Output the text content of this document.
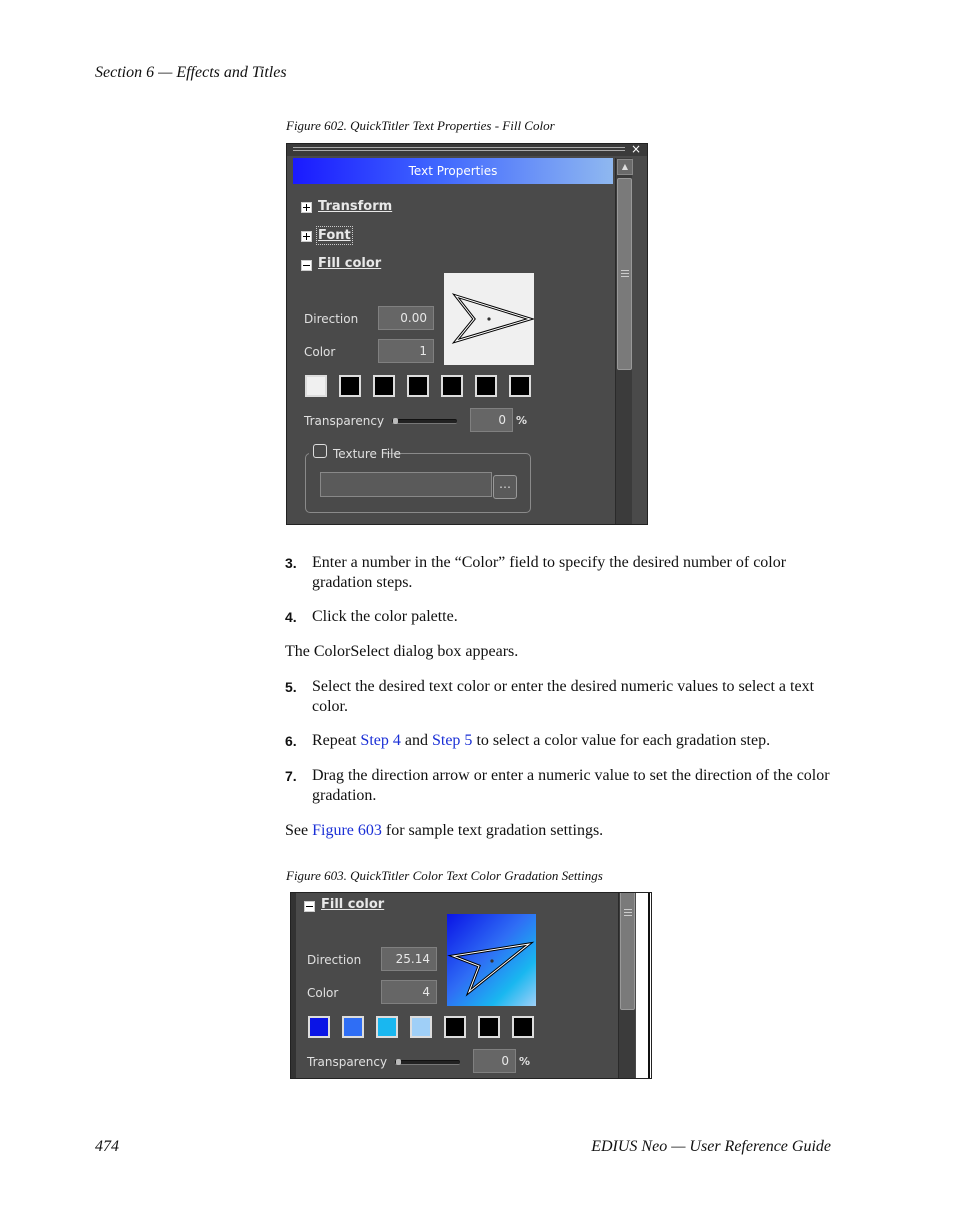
Section 6 — Effects and Titles
Figure 602. QuickTitler Text Properties - Fill Color
×
Text Properties	▲
Transform
Font
Fill color
Direction	0.00
Color	1
Transparency	0 %
Texture File
…
3. Enter a number in the “Color” field to specify the desired number of color gradation steps.
4. Click the color palette.
The ColorSelect dialog box appears.
5. Select the desired text color or enter the desired numeric values to select a text color.
6. Repeat Step 4 and Step 5 to select a color value for each gradation step.
7. Drag the direction arrow or enter a numeric value to set the direction of the color gradation.
See Figure 603 for sample text gradation settings.
Figure 603. QuickTitler Color Text Color Gradation Settings
Fill color
Direction	25.14
Color	4
Transparency	0 %
474	EDIUS Neo — User Reference Guide
